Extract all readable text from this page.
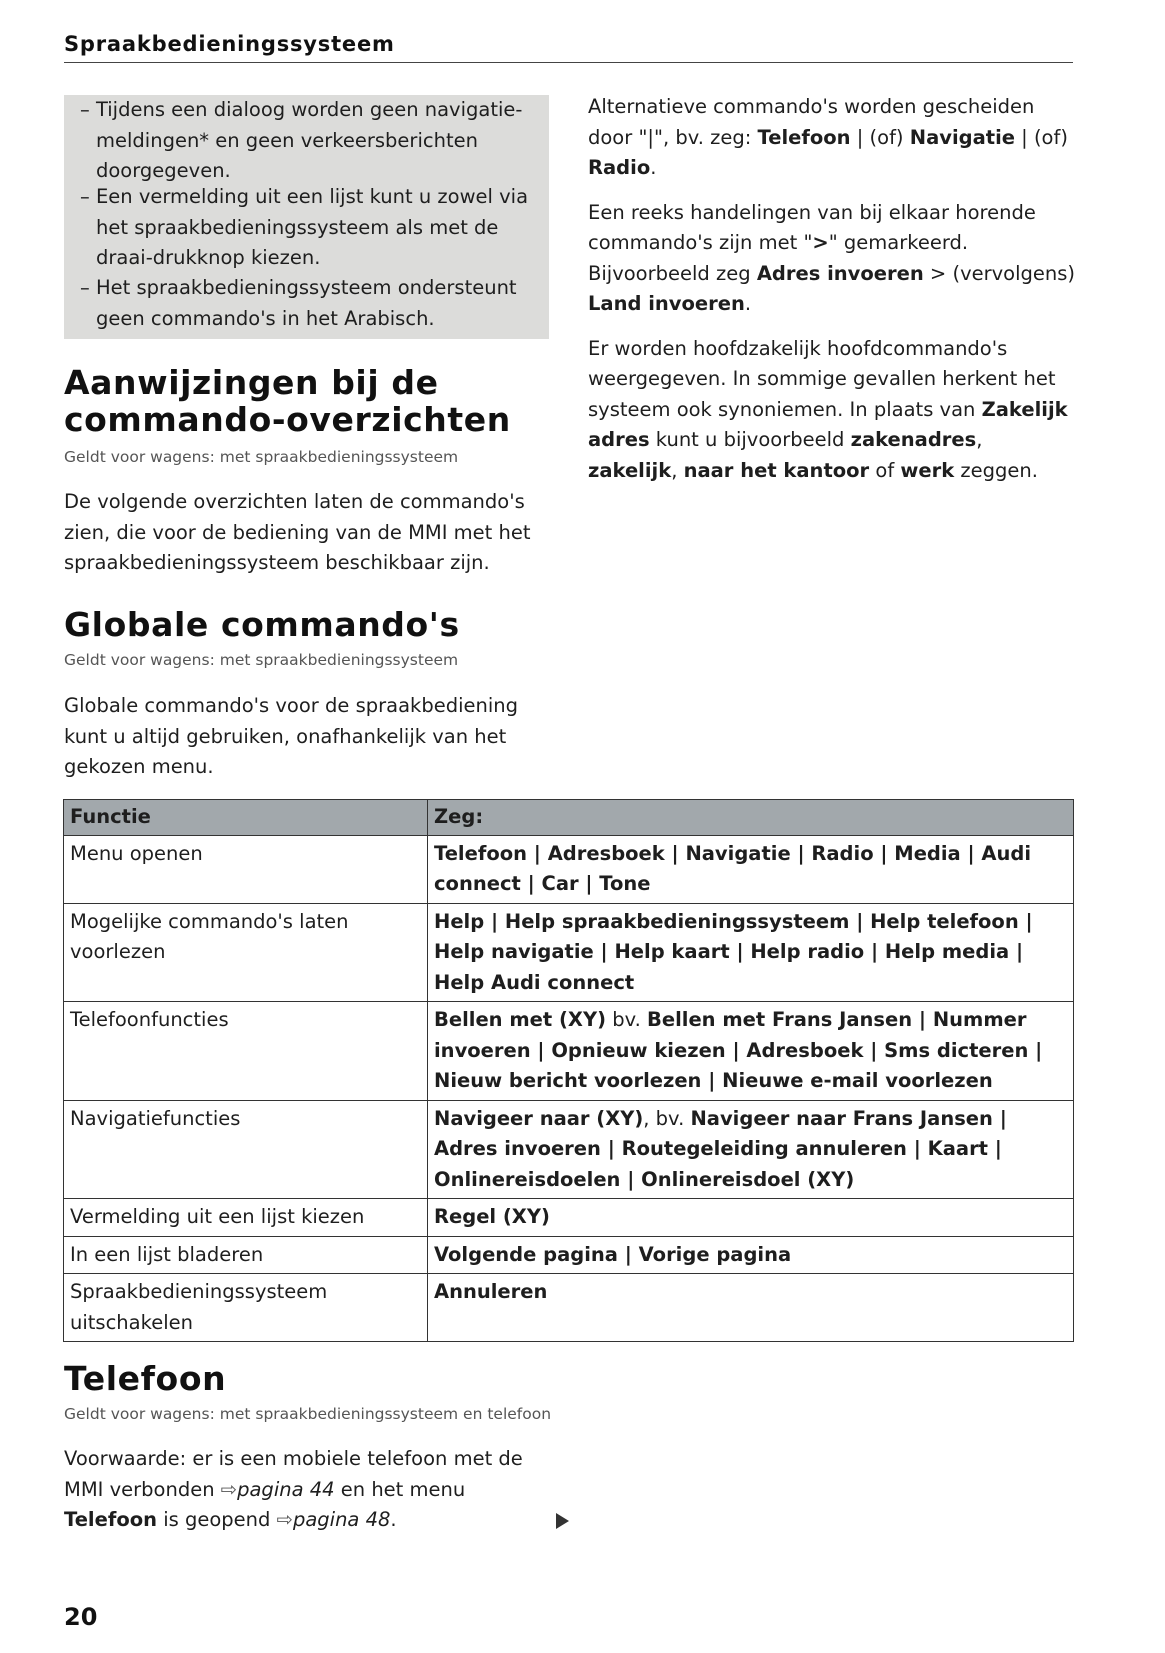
Spraakbedieningssysteem
– Tijdens een dialoog worden geen navigatie-meldingen* en geen verkeersberichten doorgegeven.
– Een vermelding uit een lijst kunt u zowel via het spraakbedieningssysteem als met de draai-drukknop kiezen.
– Het spraakbedieningssysteem ondersteunt geen commando's in het Arabisch.

Alternatieve commando's worden gescheiden door "|", bv. zeg: Telefoon | (of) Navigatie | (of) Radio.

Een reeks handelingen van bij elkaar horende commando's zijn met ">" gemarkeerd. Bijvoorbeeld zeg Adres invoeren > (vervolgens) Land invoeren.

Er worden hoofdzakelijk hoofdcommando's weergegeven. In sommige gevallen herkent het systeem ook synoniemen. In plaats van Zakelijk adres kunt u bijvoorbeeld zakenadres, zakelijk, naar het kantoor of werk zeggen.

Aanwijzingen bij de
commando-overzichten
Geldt voor wagens: met spraakbedieningssysteem
De volgende overzichten laten de commando's zien, die voor de bediening van de MMI met het spraakbedieningssysteem beschikbaar zijn.
Globale commando's
Geldt voor wagens: met spraakbedieningssysteem
Globale commando's voor de spraakbediening kunt u altijd gebruiken, onafhankelijk van het gekozen menu.
Functie	Zeg:
Menu openen	Telefoon | Adresboek | Navigatie | Radio | Media | Audi connect | Car | Tone
Mogelijke commando's laten voorlezen	Help | Help spraakbedieningssysteem | Help telefoon | Help navigatie | Help kaart | Help radio | Help media | Help Audi connect
Telefoonfuncties	Bellen met (XY) bv. Bellen met Frans Jansen | Nummer invoeren | Opnieuw kiezen | Adresboek | Sms dicteren | Nieuw bericht voorlezen | Nieuwe e-mail voorlezen
Navigatiefuncties	Navigeer naar (XY), bv. Navigeer naar Frans Jansen | Adres invoeren | Routegeleiding annuleren | Kaart | Onlinereisdoelen | Onlinereisdoel (XY)
Vermelding uit een lijst kiezen	Regel (XY)
In een lijst bladeren	Volgende pagina | Vorige pagina
Spraakbedieningssysteem uitschakelen	Annuleren
Telefoon
Geldt voor wagens: met spraakbedieningssysteem en telefoon
Voorwaarde: er is een mobiele telefoon met de MMI verbonden ⇨pagina 44 en het menu Telefoon is geopend ⇨pagina 48.
20
